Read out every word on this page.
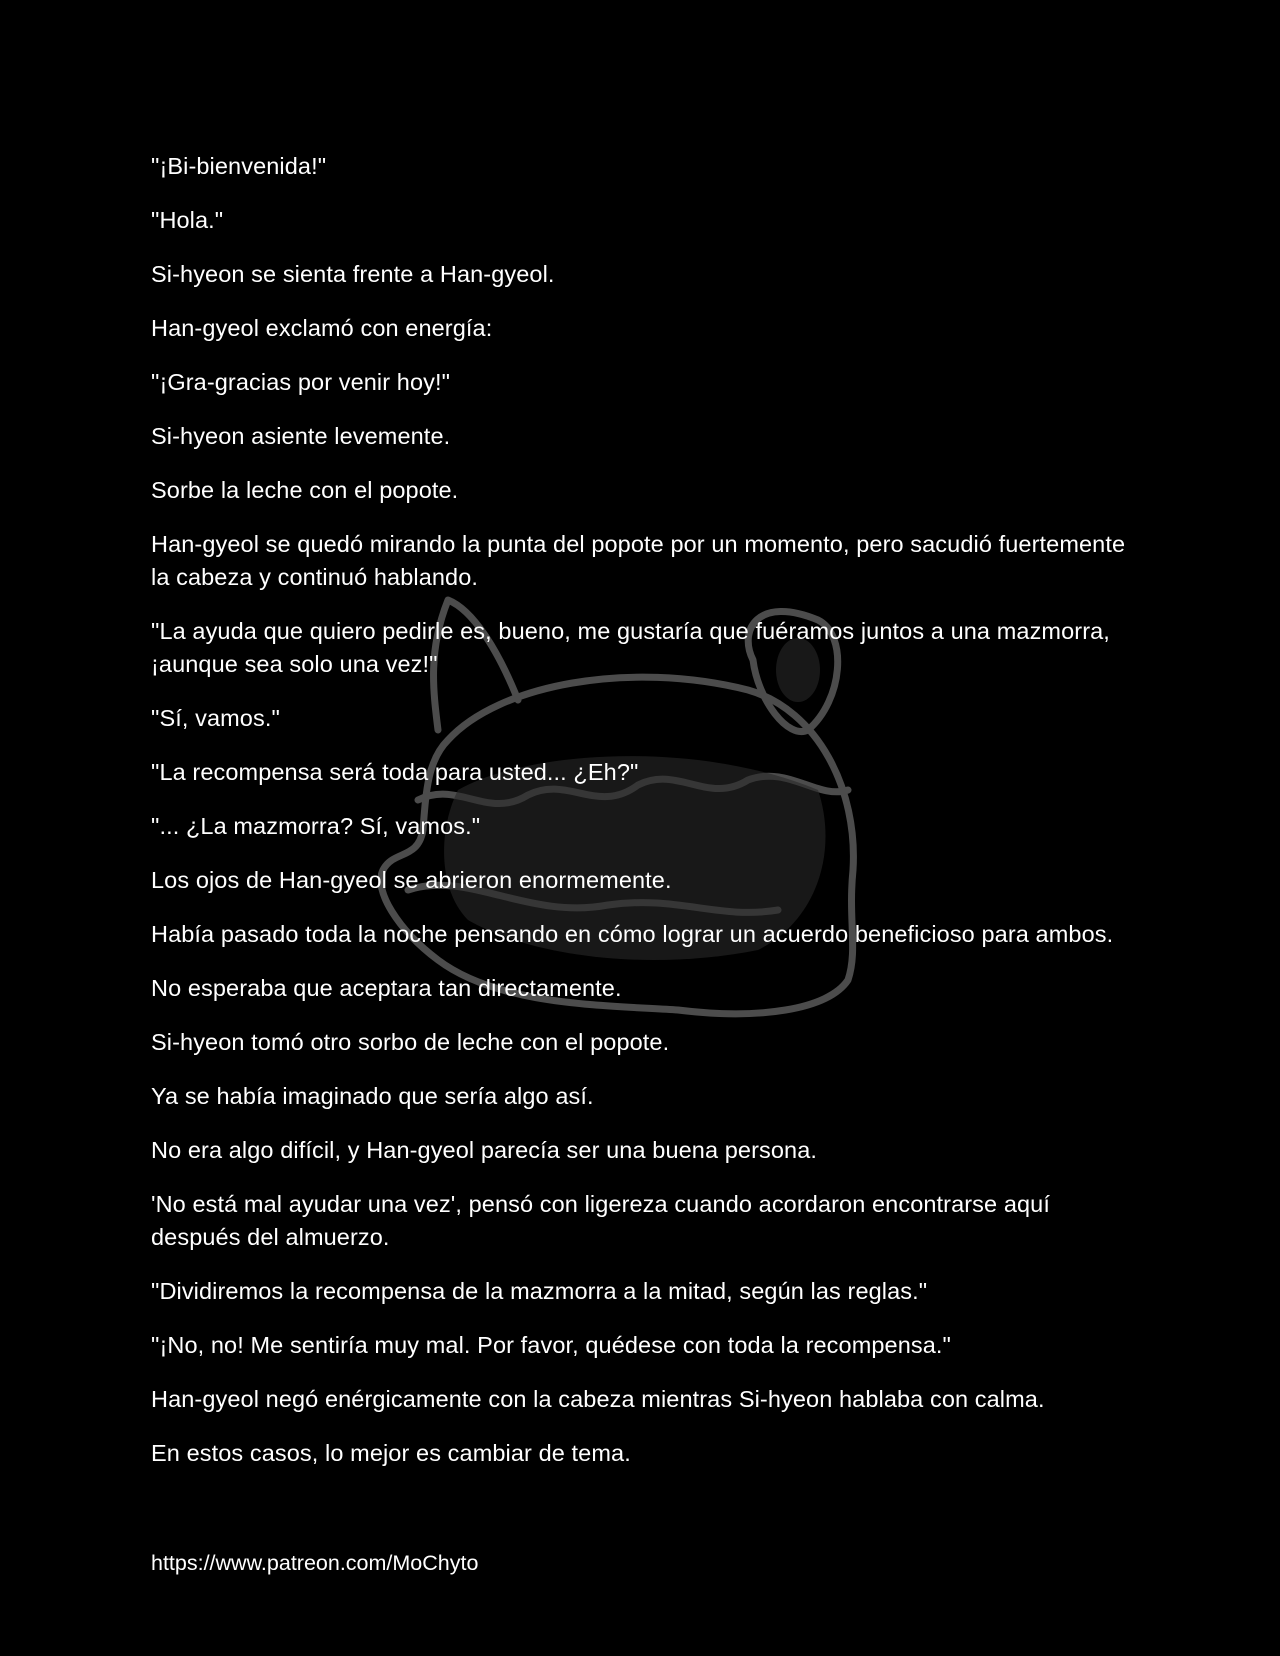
"¡Bi-bienvenida!"

"Hola."

Si-hyeon se sienta frente a Han-gyeol.

Han-gyeol exclamó con energía:

"¡Gra-gracias por venir hoy!"

Si-hyeon asiente levemente.

Sorbe la leche con el popote.

Han-gyeol se quedó mirando la punta del popote por un momento, pero sacudió fuertemente la cabeza y continuó hablando.

"La ayuda que quiero pedirle es, bueno, me gustaría que fuéramos juntos a una mazmorra, ¡aunque sea solo una vez!"

"Sí, vamos."

"La recompensa será toda para usted... ¿Eh?"

"... ¿La mazmorra? Sí, vamos."

Los ojos de Han-gyeol se abrieron enormemente.

Había pasado toda la noche pensando en cómo lograr un acuerdo beneficioso para ambos.

No esperaba que aceptara tan directamente.

Si-hyeon tomó otro sorbo de leche con el popote.

Ya se había imaginado que sería algo así.

No era algo difícil, y Han-gyeol parecía ser una buena persona.

'No está mal ayudar una vez', pensó con ligereza cuando acordaron encontrarse aquí después del almuerzo.

"Dividiremos la recompensa de la mazmorra a la mitad, según las reglas."

"¡No, no! Me sentiría muy mal. Por favor, quédese con toda la recompensa."

Han-gyeol negó enérgicamente con la cabeza mientras Si-hyeon hablaba con calma.

En estos casos, lo mejor es cambiar de tema.

https://www.patreon.com/MoChyto
